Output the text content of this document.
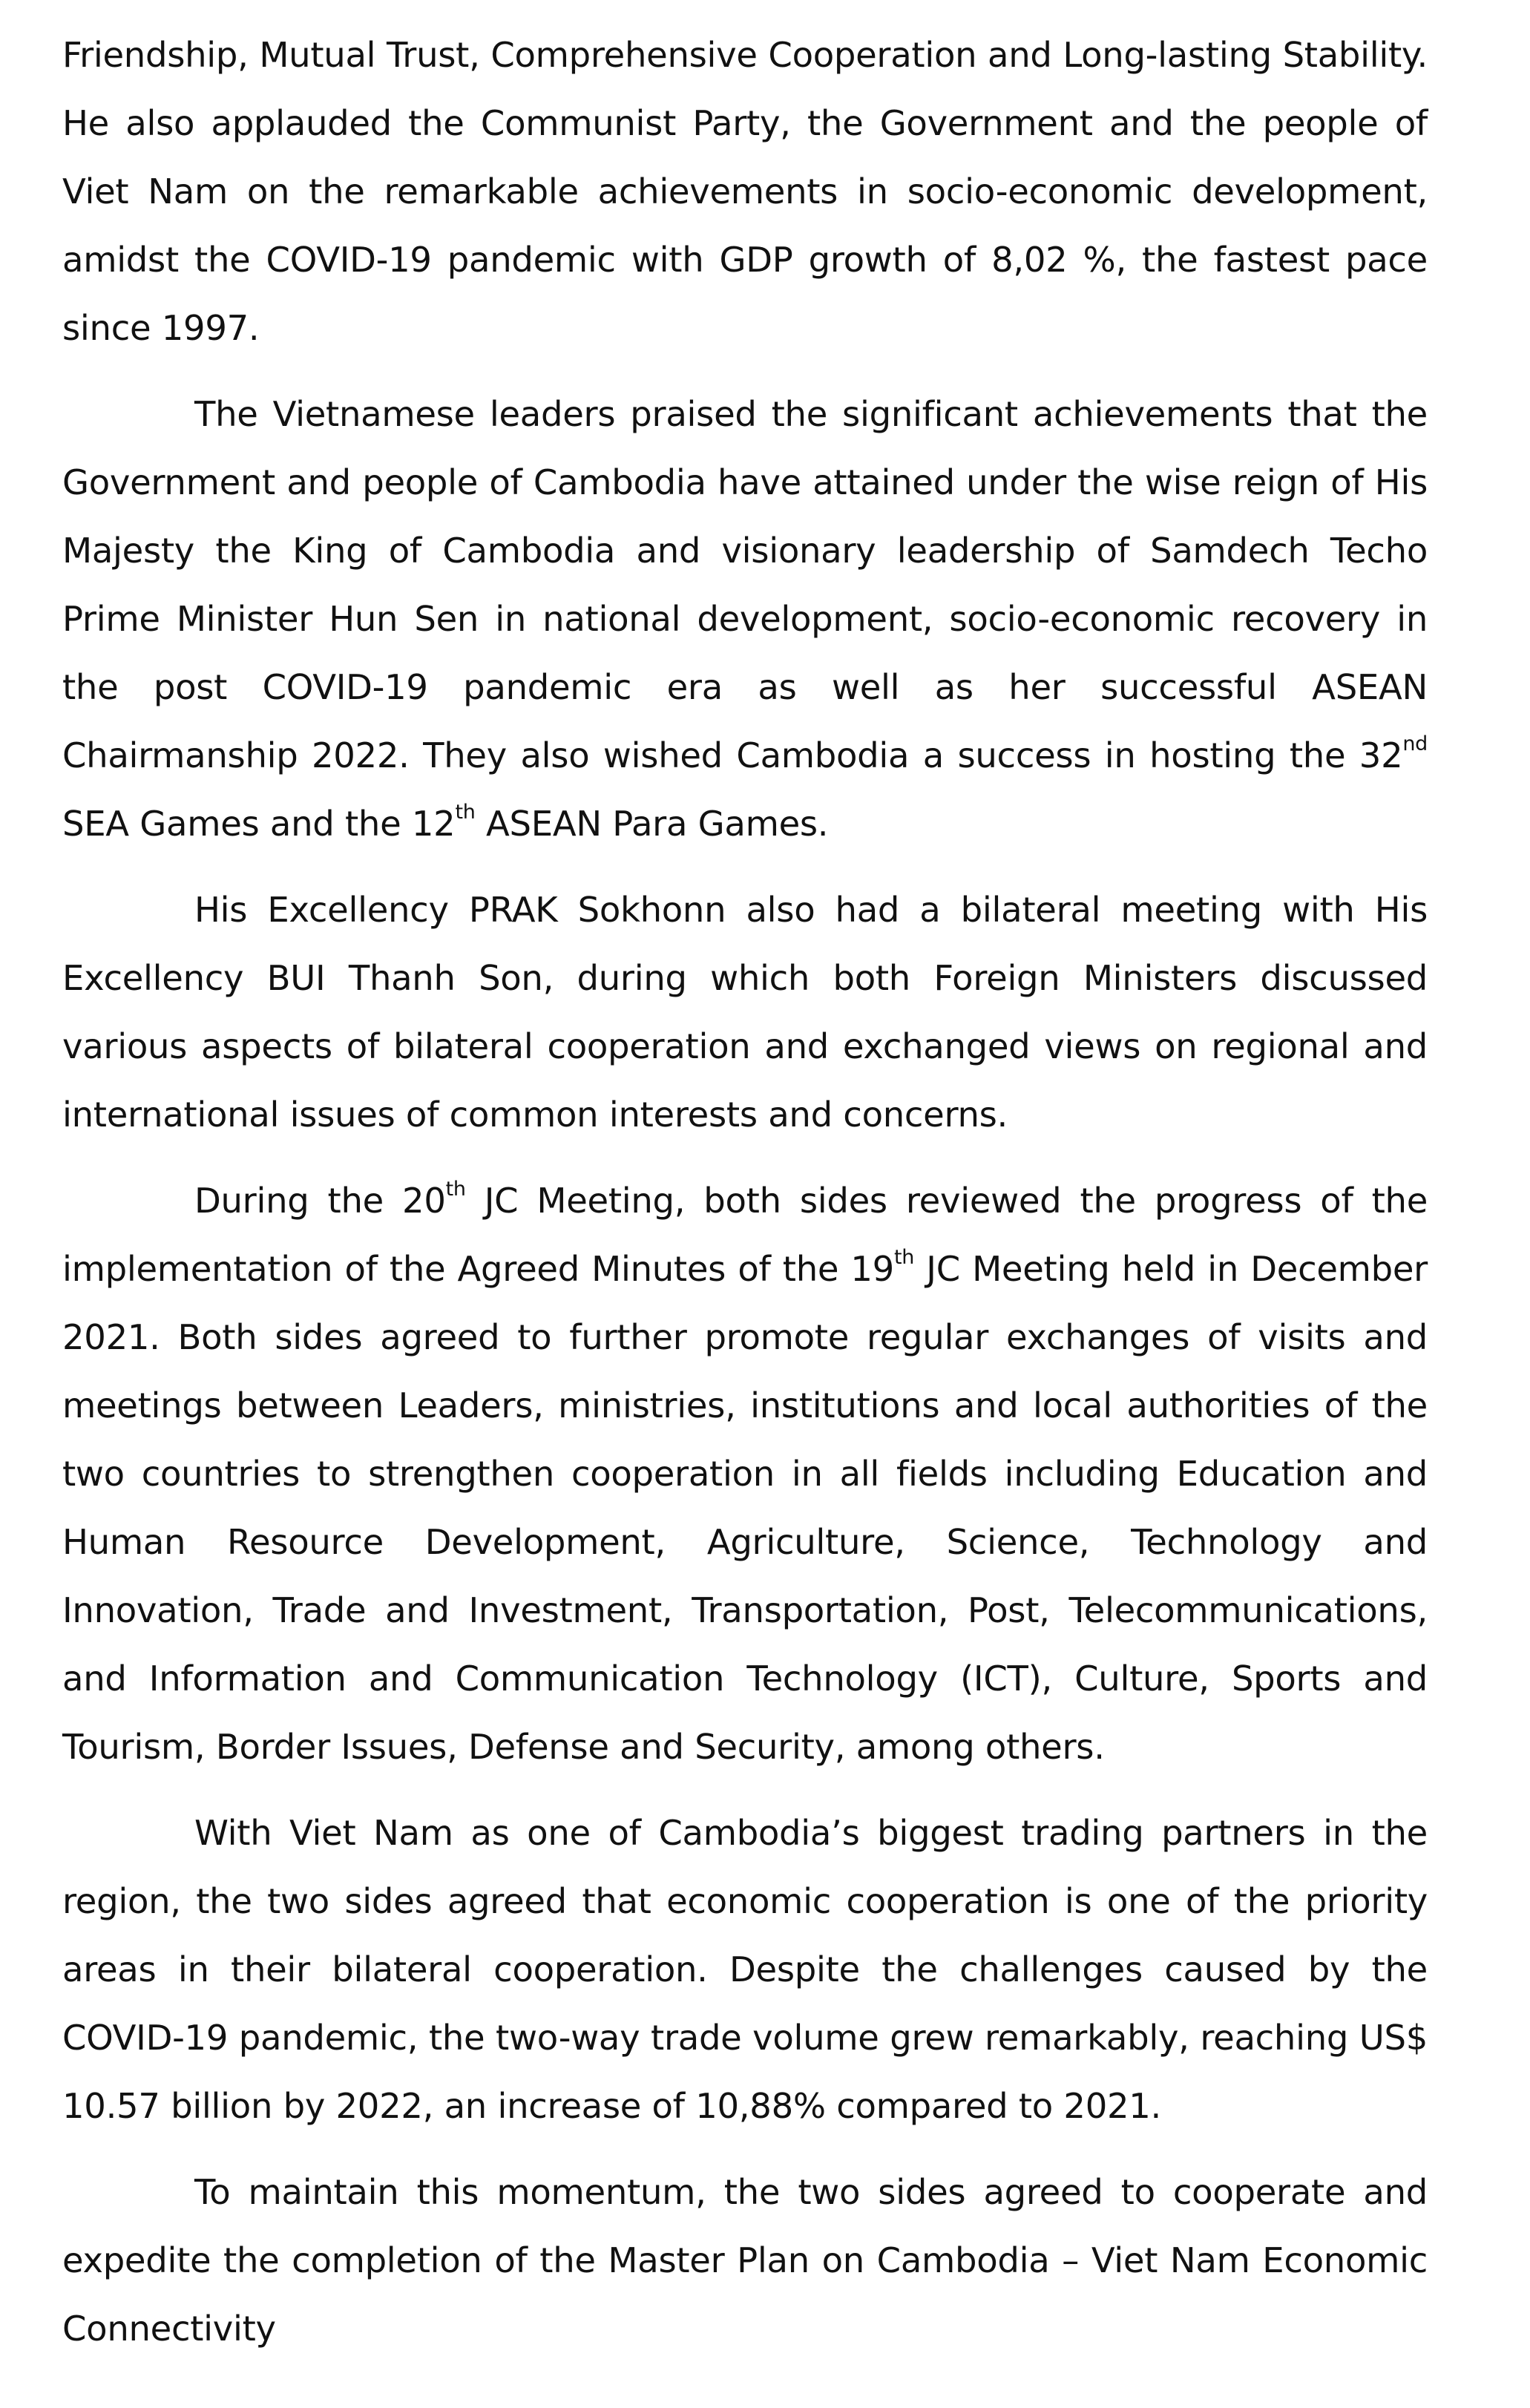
Friendship, Mutual Trust, Comprehensive Cooperation and Long-lasting Stability. He also applauded the Communist Party, the Government and the people of Viet Nam on the remarkable achievements in socio-economic development, amidst the COVID-19 pandemic with GDP growth of 8,02 %, the fastest pace since 1997.

The Vietnamese leaders praised the significant achievements that the Government and people of Cambodia have attained under the wise reign of His Majesty the King of Cambodia and visionary leadership of Samdech Techo Prime Minister Hun Sen in national development, socio-economic recovery in the post COVID-19 pandemic era as well as her successful ASEAN Chairmanship 2022. They also wished Cambodia a success in hosting the 32nd SEA Games and the 12th ASEAN Para Games.

His Excellency PRAK Sokhonn also had a bilateral meeting with His Excellency BUI Thanh Son, during which both Foreign Ministers discussed various aspects of bilateral cooperation and exchanged views on regional and international issues of common interests and concerns.

During the 20th JC Meeting, both sides reviewed the progress of the implementation of the Agreed Minutes of the 19th JC Meeting held in December 2021. Both sides agreed to further promote regular exchanges of visits and meetings between Leaders, ministries, institutions and local authorities of the two countries to strengthen cooperation in all fields including Education and Human Resource Development, Agriculture, Science, Technology and Innovation, Trade and Investment, Transportation, Post, Telecommunications, and Information and Communication Technology (ICT), Culture, Sports and Tourism, Border Issues, Defense and Security, among others.

With Viet Nam as one of Cambodia’s biggest trading partners in the region, the two sides agreed that economic cooperation is one of the priority areas in their bilateral cooperation. Despite the challenges caused by the COVID-19 pandemic, the two-way trade volume grew remarkably, reaching US$ 10.57 billion by 2022, an increase of 10,88% compared to 2021.

To maintain this momentum, the two sides agreed to cooperate and expedite the completion of the Master Plan on Cambodia – Viet Nam Economic Connectivity
